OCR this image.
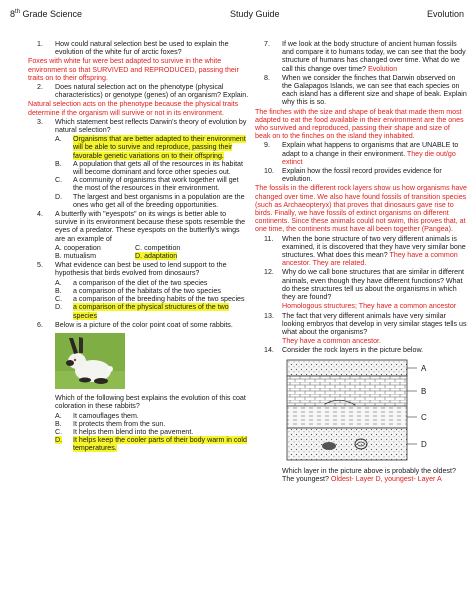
8th Grade Science	Study Guide	Evolution
1. How could natural selection best be used to explain the evolution of the white fur of arctic foxes?
Foxes with white fur were best adapted to survive in the white environment so that SURVIVED and REPRODUCED, passing their traits on to their offspring.
2. Does natural selection act on the phenotype (physical characteristics) or genotype (genes) of an organism? Explain.
Natural selection acts on the phenotype because the physical traits determine if the organism will survive or not in its environment.
3. Which statement best reflects Darwin's theory of evolution by natural selection?
A. Organisms that are better adapted to their environment will be able to survive and reproduce, passing their favorable genetic variations on to their offspring.
B. A population that gets all of the resources in its habitat will become dominant and force other species out.
C. A community of organisms that work together will get the most of the resources in their environment.
D. The largest and best organisms in a population are the ones who get all of the breeding opportunities.
4. A butterfly with "eyespots" on its wings is better able to survive in its environment because these spots resemble the eyes of a predator. These eyespots on the butterfly's wings are an example of
A. cooperation	C. competition
B. mutualism	D. adaptation
5. What evidence can best be used to lend support to the hypothesis that birds evolved from dinosaurs?
A. a comparison of the diet of the two species
B. a comparison of the habitats of the two species
C. a comparison of the breeding habits of the two species
D. a comparison of the physical structures of the two species
6. Below is a picture of the color point coat of some rabbits.
Which of the following best explains the evolution of this coat coloration in these rabbits?
A. It camouflages them.
B. It protects them from the sun.
C. It helps them blend into the pavement.
D. It helps keep the cooler parts of their body warm in cold temperatures.
7. If we look at the body structure of ancient human fossils and compare it to humans today, we can see that the body structure of humans has changed over time. What do we call this change over time? Evolution
8. When we consider the finches that Darwin observed on the Galapagos Islands, we can see that each species on each island has a different size and shape of beak. Explain why this is so.
The finches with the size and shape of beak that made them most adapted to eat the food available in their environment are the ones who survived and reproduced, passing their shape and size of beak on to the finches on the island they inhabited.
9. Explain what happens to organisms that are UNABLE to adapt to a change in their environment. They die out/go extinct
10. Explain how the fossil record provides evidence for evolution.
The fossils in the different rock layers show us how organisms have changed over time. We also have found fossils of transition species (such as Archaeopteryx) that proves that dinosaurs gave rise to birds. Finally, we have fossils of extinct organisms on different continents. Since these animals could not swim, this proves that, at one time, the continents must have all been together (Pangea).
11. When the bone structure of two very different animals is examined, it is discovered that they have very similar bone structures. What does this mean? They have a common ancestor. They are related.
12. Why do we call bone structures that are similar in different animals, even though they have different functions? What do these structures tell us about the organisms in which they are found?
Homologous structures; They have a common ancestor
13. The fact that very different animals have very similar looking embryos that develop in very similar stages tells us what about the organisms?
They have a common ancestor.
14. Consider the rock layers in the picture below.
A
B
C
D
Which layer in the picture above is probably the oldest? The youngest? Oldest- Layer D, youngest- Layer A
